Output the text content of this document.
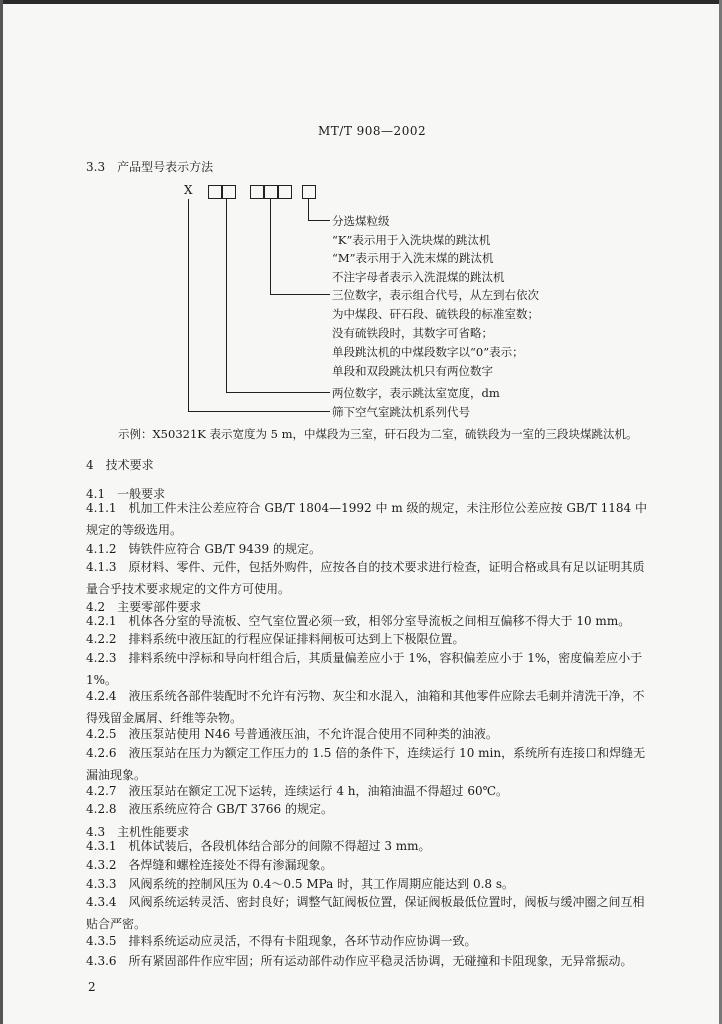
MT/T 908—2002
3.3　产品型号表示方法
X
分选煤粒级
“K”表示用于入洗块煤的跳汰机
“M”表示用于入洗末煤的跳汰机
不注字母者表示入洗混煤的跳汰机
三位数字，表示组合代号，从左到右依次
为中煤段、矸石段、硫铁段的标准室数；
没有硫铁段时，其数字可省略；
单段跳汰机的中煤段数字以“0”表示；
单段和双段跳汰机只有两位数字
两位数字，表示跳汰室宽度，dm
筛下空气室跳汰机系列代号
示例：X50321K 表示宽度为 5 m，中煤段为三室，矸石段为二室，硫铁段为一室的三段块煤跳汰机。
4　技术要求
4.1　一般要求
4.1.1　机加工件未注公差应符合 GB/T 1804—1992 中 m 级的规定，未注形位公差应按 GB/T 1184 中规定的等级选用。
4.1.2　铸铁件应符合 GB/T 9439 的规定。
4.1.3　原材料、零件、元件，包括外购件，应按各自的技术要求进行检查，证明合格或具有足以证明其质量合乎技术要求规定的文件方可使用。
4.2　主要零部件要求
4.2.1　机体各分室的导流板、空气室位置必须一致，相邻分室导流板之间相互偏移不得大于 10 mm。
4.2.2　排料系统中液压缸的行程应保证排料闸板可达到上下极限位置。
4.2.3　排料系统中浮标和导向杆组合后，其质量偏差应小于 1%，容积偏差应小于 1%，密度偏差应小于 1%。
4.2.4　液压系统各部件装配时不允许有污物、灰尘和水混入，油箱和其他零件应除去毛刺并清洗干净，不得残留金属屑、纤维等杂物。
4.2.5　液压泵站使用 N46 号普通液压油，不允许混合使用不同种类的油液。
4.2.6　液压泵站在压力为额定工作压力的 1.5 倍的条件下，连续运行 10 min，系统所有连接口和焊缝无漏油现象。
4.2.7　液压泵站在额定工况下运转，连续运行 4 h，油箱油温不得超过 60℃。
4.2.8　液压系统应符合 GB/T 3766 的规定。
4.3　主机性能要求
4.3.1　机体试装后，各段机体结合部分的间隙不得超过 3 mm。
4.3.2　各焊缝和螺栓连接处不得有渗漏现象。
4.3.3　风阀系统的控制风压为 0.4～0.5 MPa 时，其工作周期应能达到 0.8 s。
4.3.4　风阀系统运转灵活、密封良好；调整气缸阀板位置，保证阀板最低位置时，阀板与缓冲圈之间互相贴合严密。
4.3.5　排料系统运动应灵活，不得有卡阻现象，各环节动作应协调一致。
4.3.6　所有紧固部件作应牢固；所有运动部件动作应平稳灵活协调，无碰撞和卡阻现象，无异常振动。
2
